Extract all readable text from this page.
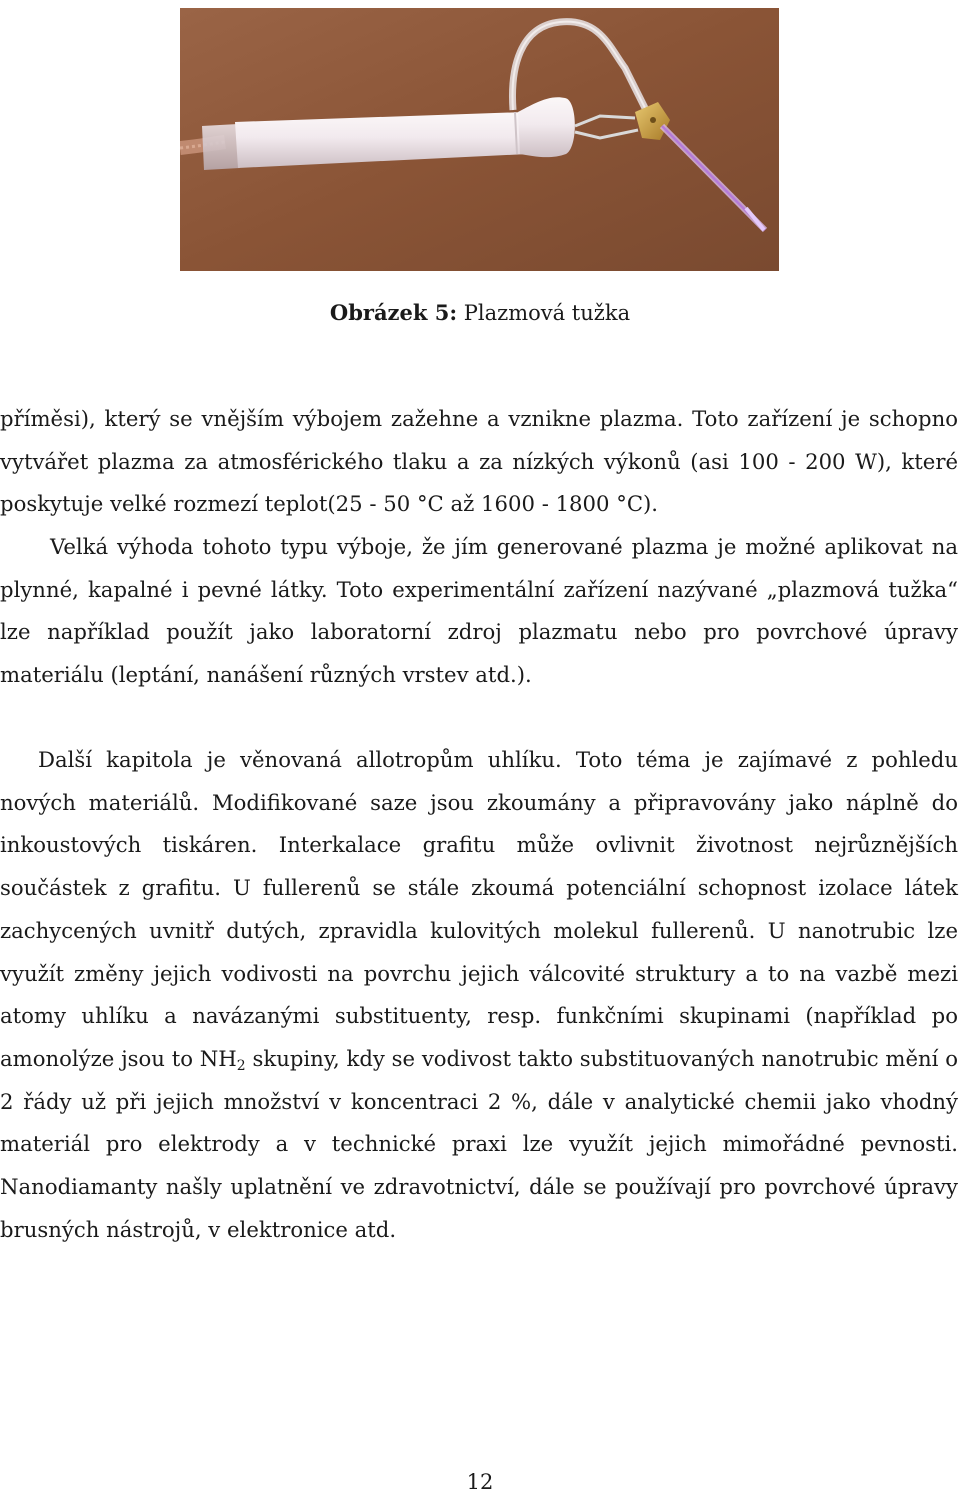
Obrázek 5: Plazmová tužka

příměsi), který se vnějším výbojem zažehne a vznikne plazma. Toto zařízení je schopno vytvářet plazma za atmosférického tlaku a za nízkých výkonů (asi 100 - 200 W), které poskytuje velké rozmezí teplot(25 - 50 °C až 1600 - 1800 °C).

Velká výhoda tohoto typu výboje, že jím generované plazma je možné aplikovat na plynné, kapalné i pevné látky. Toto experimentální zařízení nazývané „plazmová tužka“ lze například použít jako laboratorní zdroj plazmatu nebo pro povrchové úpravy materiálu (leptání, nanášení různých vrstev atd.).

Další kapitola je věnovaná allotropům uhlíku. Toto téma je zajímavé z pohledu nových materiálů. Modifikované saze jsou zkoumány a připravovány jako náplně do inkoustových tiskáren. Interkalace grafitu může ovlivnit životnost nejrůznějších součástek z grafitu. U fullerenů se stále zkoumá potenciální schopnost izolace látek zachycených uvnitř dutých, zpravidla kulovitých molekul fullerenů. U nanotrubic lze využít změny jejich vodivosti na povrchu jejich válcovité struktury a to na vazbě mezi atomy uhlíku a navázanými substituenty, resp. funkčními skupinami (například po amonolýze jsou to $NH_2$ skupiny, kdy se vodivost takto substituovaných nanotrubic mění o 2 řády už při jejich množství v koncentraci 2 %, dále v analytické chemii jako vhodný materiál pro elektrody a v technické praxi lze využít jejich mimořádné pevnosti. Nanodiamanty našly uplatnění ve zdravotnictví, dále se používají pro povrchové úpravy brusných nástrojů, v elektronice atd.

12
